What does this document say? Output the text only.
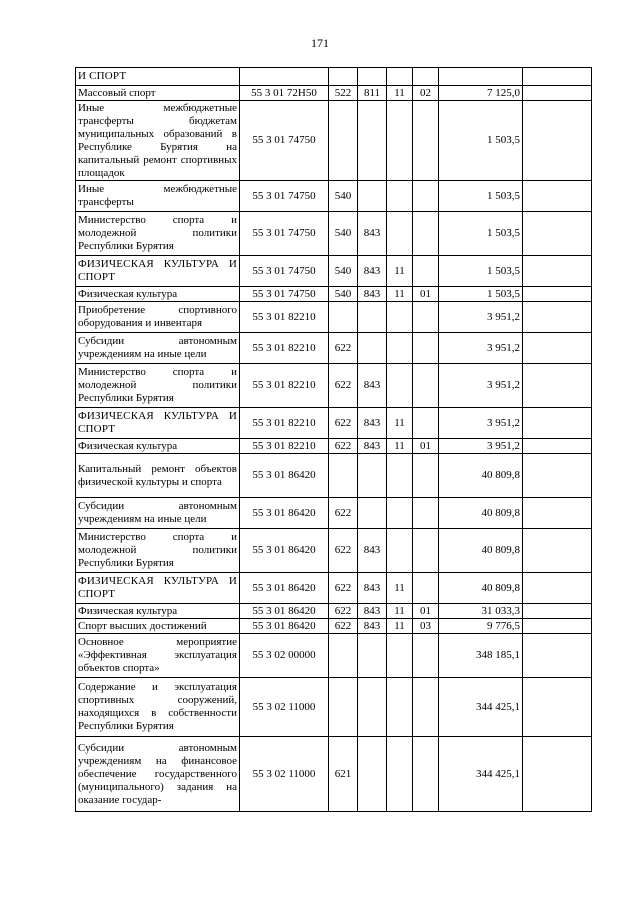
171
И СПОРТ							
Массовый спорт	55 3 01 72Н50	522	811	11	02	7 125,0	
Иные межбюджетные трансферты бюджетам муниципальных образований в Республике Бурятия на капитальный ремонт спортивных площадок	55 3 01 74750					1 503,5	
Иные межбюджетные трансферты	55 3 01 74750	540				1 503,5	
Министерство спорта и молодежной политики Республики Бурятия	55 3 01 74750	540	843			1 503,5	
ФИЗИЧЕСКАЯ КУЛЬТУРА И СПОРТ	55 3 01 74750	540	843	11		1 503,5	
Физическая культура	55 3 01 74750	540	843	11	01	1 503,5	
Приобретение спортивного оборудования и инвентаря	55 3 01 82210					3 951,2	
Субсидии автономным учреждениям на иные цели	55 3 01 82210	622				3 951,2	
Министерство спорта и молодежной политики Республики Бурятия	55 3 01 82210	622	843			3 951,2	
ФИЗИЧЕСКАЯ КУЛЬТУРА И СПОРТ	55 3 01 82210	622	843	11		3 951,2	
Физическая культура	55 3 01 82210	622	843	11	01	3 951,2	
Капитальный ремонт объектов физической культуры и спорта	55 3 01 86420					40 809,8	
Субсидии автономным учреждениям на иные цели	55 3 01 86420	622				40 809,8	
Министерство спорта и молодежной политики Республики Бурятия	55 3 01 86420	622	843			40 809,8	
ФИЗИЧЕСКАЯ КУЛЬТУРА И СПОРТ	55 3 01 86420	622	843	11		40 809,8	
Физическая культура	55 3 01 86420	622	843	11	01	31 033,3	
Спорт высших достижений	55 3 01 86420	622	843	11	03	9 776,5	
Основное мероприятие «Эффективная эксплуатация объектов спорта»	55 3 02 00000					348 185,1	
Содержание и эксплуатация спортивных сооружений, находящихся в собственности Республики Бурятия	55 3 02 11000					344 425,1	
Субсидии автономным учреждениям на финансовое обеспечение государственного (муниципального) задания на оказание государ-	55 3 02 11000	621				344 425,1	
